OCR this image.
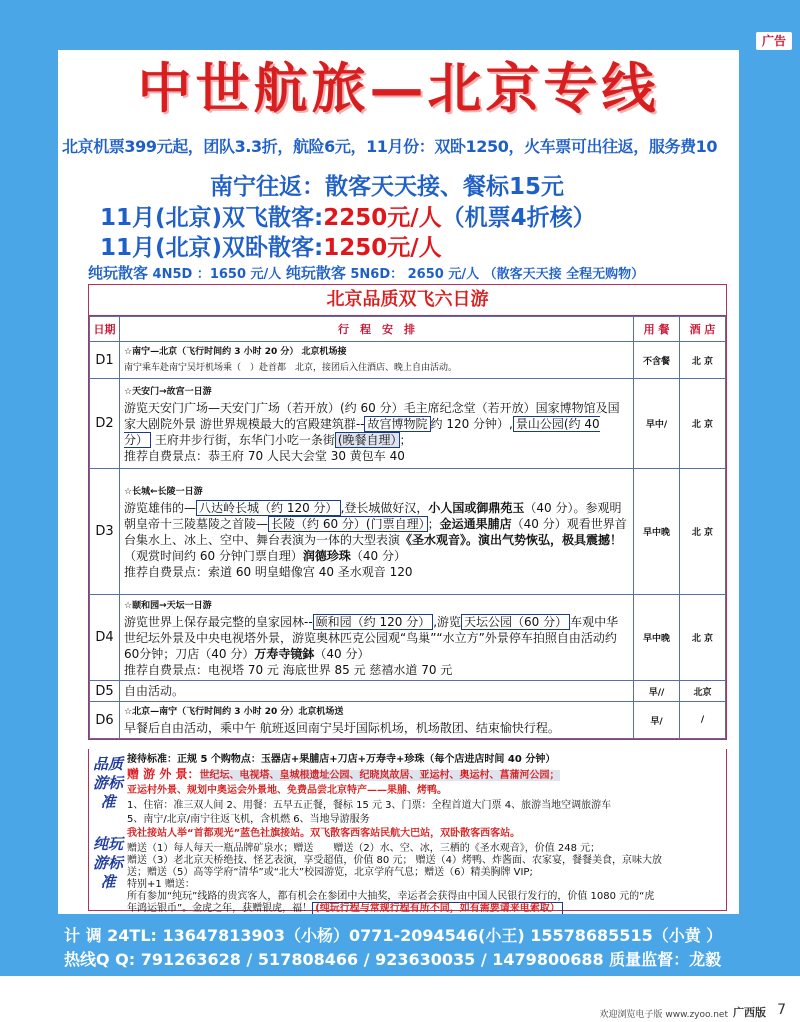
广告
中世航旅—北京专线
北京机票399元起，团队3.3折，航险6元，11月份：双卧1250，火车票可出往返，服务费10
南宁往返：散客天天接、餐标15元
11月(北京)双飞散客:2250元/人（机票4折核）
11月(北京)双卧散客:1250元/人
纯玩散客 4N5D ：1650 元/人 纯玩散客 5N6D： 2650 元/人 （散客天天接 全程无购物）
北京品质双飞六日游
日期	行　程　安　排	用 餐	酒 店
D1	☆南宁—北京（飞行时间约 3 小时 20 分） 北京机场接
南宁乘车赴南宁吴圩机场乘（　）赴首都　北京，接团后入住酒店、晚上自由活动。	不含餐	北 京
D2	☆天安门→故宫一日游
游览天安门广场—天安门广场（若开放）(约 60 分）毛主席纪念堂（若开放）国家博物馆及国家大剧院外景 游世界规模最大的宫殿建筑群-- 故宫博物院 约 120 分钟）, 景山公园(约 40 分） 王府井步行街，东华门小吃一条街 (晚餐自理） ；
推荐自费景点：恭王府 70 人民大会堂 30 黄包车 40	早中/	北 京
D3	☆长城←长陵一日游
游览雄伟的— 八达岭长城（约 120 分） ,登长城做好汉，小人国或御鼎苑玉（40 分）。参观明朝皇帝十三陵墓陵之首陵— 长陵（约 60 分）(门票自理） ；金运通果脯店（40 分）观看世界首台集水上、冰上、空中、舞台表演为一体的大型表演《圣水观音》。演出气势恢弘，极具震撼！（观赏时间约 60 分钟门票自理）润德珍珠（40 分）
推荐自费景点：索道 60 明皇蜡像宫 40 圣水观音 120	早中晚	北 京
D4	☆颐和园→天坛一日游
游览世界上保存最完整的皇家园林-- 颐和园（约 120 分） ,游览 天坛公园（60 分） 车观中华世纪坛外景及中央电视塔外景，游览奥林匹克公园观“鸟巢”“水立方”外景停车拍照自由活动约 60分钟；刀店（40 分）万寿寺镜鉢（40 分）
推荐自费景点：电视塔 70 元 海底世界 85 元 慈禧水道 70 元	早中晚	北 京
D5	自由活动。	早//	北京
D6	☆北京—南宁（飞行时间约 3 小时 20 分）北京机场送
早餐后自由活动，乘中午 航班返回南宁吴圩国际机场，机场散团、结束愉快行程。	早/	/
品质游标准
接待标准：正规 5 个购物点：玉器店+果脯店+刀店+万寿寺+珍珠（每个店进店时间 40 分钟）
赠 游 外 景：世纪坛、电视塔、皇城根遗址公园、纪晓岚故居、亚运村、奥运村、菖蒲河公园；
亚运村外景、规划中奥运会外景地、免费品尝北京特产——果脯、烤鸭。
1、住宿：准三双人间 2、用餐：五早五正餐，餐标 15 元 3、门票：全程首道大门票 4、旅游当地空调旅游车
5、南宁/北京/南宁往返飞机，含机燃 6、当地导游服务
我社接站人举“首都观光”蓝色社旗接站。双飞散客西客站民航大巴站，双卧散客西客站。
纯玩游标准
赠送（1）每人每天一瓶品牌矿泉水；赠送　　赠送（2）水、空、冰，三栖的《圣水观音》，价值 248 元；
赠送（3）老北京天桥绝技、怪艺表演，享受超值，价值 80 元； 赠送（4）烤鸭、炸酱面、农家宴，餐餐美食，京味大放
送；赠送（5）高等学府“清华”或“北大”校园游览，北京学府气息；赠送（6）精美胸牌 VIP;
特别+1 赠送：
所有参加“纯玩”线路的贵宾客人，都有机会在参团中大抽奖，幸运者会获得由中国人民银行发行的，价值 1080 元的“虎
年鸿运银币”。金虎之年，获赠银虎，福！ (纯玩行程与常规行程有所不同，如有需要请来电索取）
计 调 24TL: 13647813903（小杨）0771-2094546(小王) 15578685515（小黄 ）
热线Q Q: 791263628 / 517808466 / 923630035 / 1479800688 质量监督：龙毅
欢迎浏览电子版 www.zyoo.net 广西版 7
